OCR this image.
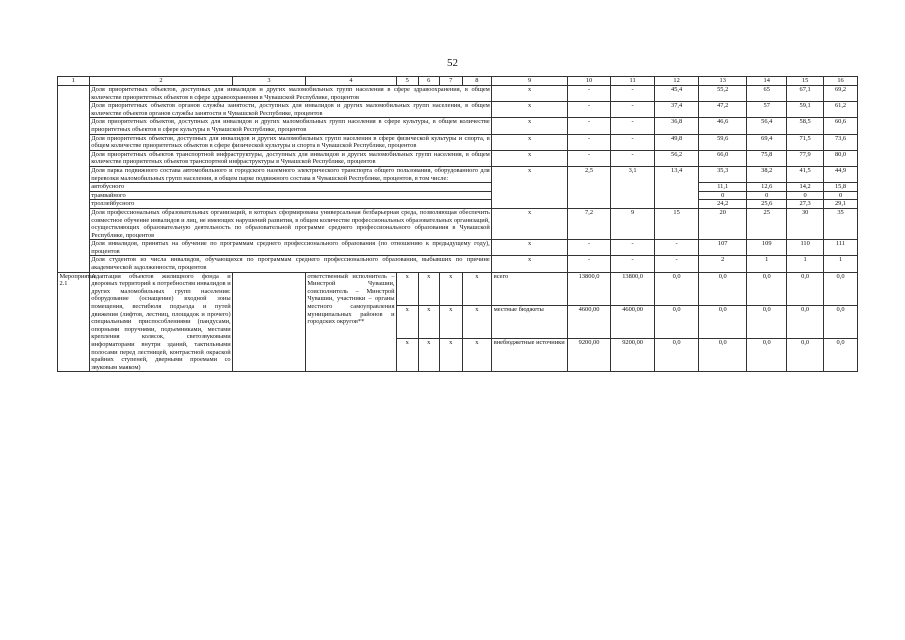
52
1	2	3	4	5	6	7	8	9	10	11	12	13	14	15	16
	Доля приоритетных объектов, доступных для инвалидов и других маломобильных групп населения в сфере здравоохранения, в общем количестве приоритетных объектов в сфере здравоохранения в Чувашской Республике, процентов							x	-	-	45,4	55,2	65	67,1	69,2
	Доля приоритетных объектов органов службы занятости, доступных для инвалидов и других маломобильных групп населения, в общем количестве объектов органов службы занятости в Чувашской Республике, процентов							x	-	-	37,4	47,2	57	59,1	61,2
	Доля приоритетных объектов, доступных для инвалидов и других маломобильных групп населения в сфере культуры, в общем количестве приоритетных объектов в сфере культуры в Чувашской Республике, процентов							x	-	-	36,8	46,6	56,4	58,5	60,6
	Доля приоритетных объектов, доступных для инвалидов и других маломобильных групп населения в сфере физической культуры и спорта, в общем количестве приоритетных объектов в сфере физической культуры и спорта в Чувашской Республике, процентов							x	-	-	49,8	59,6	69,4	71,5	73,6
	Доля приоритетных объектов транспортной инфраструктуры, доступных для инвалидов и других маломобильных групп населения, в общем количестве приоритетных объектов транспортной инфраструктуры в Чувашской Республике, процентов							x	-	-	56,2	66,0	75,8	77,9	80,0
	Доля парка подвижного состава автомобильного и городского наземного электрического транспорта общего пользования, оборудованного для перевозки маломобильных групп населения, в общем парке подвижного состава в Чувашской Республике, процентов, в том числе:							x	2,5	3,1	13,4	35,3	38,2	41,5	44,9
	автобусного											11,1	12,6	14,2	15,8
	трамвайного											0	0	0	0
	троллейбусного											24,2	25,6	27,3	29,1
	Доля профессиональных образовательных организаций, в которых сформирована универсальная безбарьерная среда, позволяющая обеспечить совместное обучение инвалидов и лиц, не имеющих нарушений развития, в общем количестве профессиональных образовательных организаций, осуществляющих образовательную деятельность по образовательной программе среднего профессионального образования в Чувашской Республике, процентов							x	7,2	9	15	20	25	30	35
	Доля инвалидов, принятых на обучение по программам среднего профессионального образования (по отношению к предыдущему году), процентов							x	-	-	-	107	109	110	111
	Доля студентов из числа инвалидов, обучающихся по программам среднего профессионального образования, выбывших по причине академической задолженности, процентов							x	-	-	-	2	1	1	1
Мероприятие 2.1	Адаптация объектов жилищного фонда и дворовых территорий к потребностям инвалидов и других маломобильных групп населения: оборудование (оснащение) входной зоны помещения, вестибюля подъезда и путей движения (лифтов, лестниц, площадок и прочего) специальными приспособлениями (пандусами, опорными поручнями, подъемниками, местами крепления колясок, светозвуковыми информаторами внутри зданий, тактильными полосами перед лестницей, контрастной окраской крайних ступеней, дверными проемами со звуковым маяком)		ответственный исполнитель – Минстрой Чувашии, соисполнитель – Минстрой Чувашии, участники – органы местного самоуправления муниципальных районов и городских округов**	x	x	x	x	всего	13800,0	13800,0	0,0	0,0	0,0	0,0	0,0
				x	x	x	x	местные бюджеты	4600,00	4600,00	0,0	0,0	0,0	0,0	0,0
				x	x	x	x	внебюджетные источники	9200,00	9200,00	0,0	0,0	0,0	0,0	0,0
